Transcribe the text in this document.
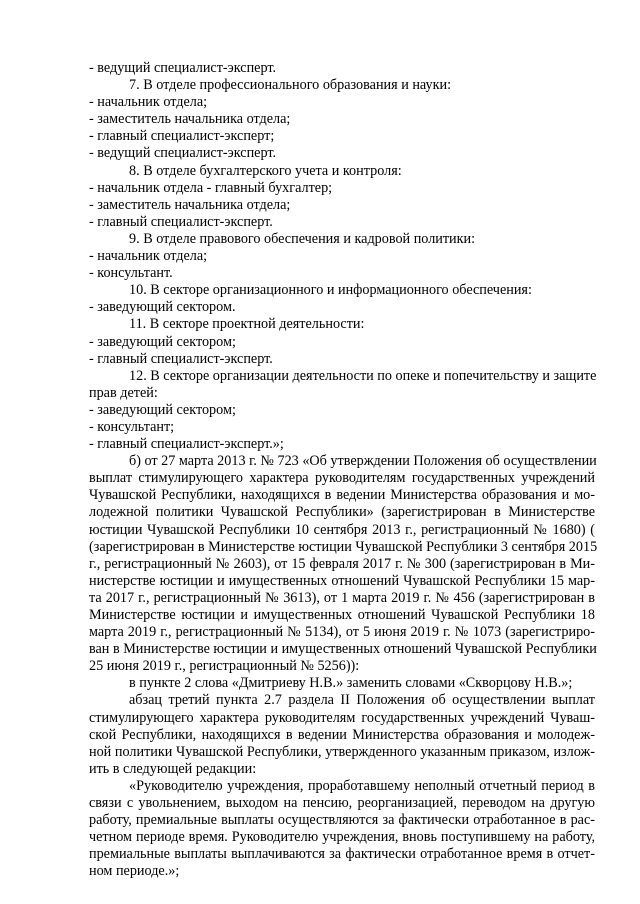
- ведущий специалист-эксперт.
7. В отделе профессионального образования и науки:
- начальник отдела;
- заместитель начальника отдела;
- главный специалист-эксперт;
- ведущий специалист-эксперт.
8. В отделе бухгалтерского учета и контроля:
- начальник отдела - главный бухгалтер;
- заместитель начальника отдела;
- главный специалист-эксперт.
9. В отделе правового обеспечения и кадровой политики:
- начальник отдела;
- консультант.
10. В секторе организационного и информационного обеспечения:
- заведующий сектором.
11. В секторе проектной деятельности:
- заведующий сектором;
- главный специалист-эксперт.
12. В секторе организации деятельности по опеке и попечительству и защите
прав детей:
- заведующий сектором;
- консультант;
- главный специалист-эксперт.»;
б) от 27 марта 2013 г. № 723 «Об утверждении Положения об осуществлении
выплат стимулирующего характера руководителям государственных учреждений
Чувашской Республики, находящихся в ведении Министерства образования и мо-
лодежной политики Чувашской Республики» (зарегистрирован в Министерстве
юстиции Чувашской Республики 10 сентября 2013 г., регистрационный № 1680) (
(зарегистрирован в Министерстве юстиции Чувашской Республики 3 сентября 2015
г., регистрационный № 2603), от 15 февраля 2017 г. № 300 (зарегистрирован в Ми-
нистерстве юстиции и имущественных отношений Чувашской Республики 15 мар-
та 2017 г., регистрационный № 3613), от 1 марта 2019 г. № 456 (зарегистрирован в
Министерстве юстиции и имущественных отношений Чувашской Республики 18
марта 2019 г., регистрационный № 5134), от 5 июня 2019 г. № 1073 (зарегистриро-
ван в Министерстве юстиции и имущественных отношений Чувашской Республики
25 июня 2019 г., регистрационный № 5256)):
в пункте 2 слова «Дмитриеву Н.В.» заменить словами «Скворцову Н.В.»;
абзац третий пункта 2.7 раздела II Положения об осуществлении выплат
стимулирующего характера руководителям государственных учреждений Чуваш-
ской Республики, находящихся в ведении Министерства образования и молодеж-
ной политики Чувашской Республики, утвержденного указанным приказом, излож-
ить в следующей редакции:
«Руководителю учреждения, проработавшему неполный отчетный период в
связи с увольнением, выходом на пенсию, реорганизацией, переводом на другую
работу, премиальные выплаты осуществляются за фактически отработанное в рас-
четном периоде время. Руководителю учреждения, вновь поступившему на работу,
премиальные выплаты выплачиваются за фактически отработанное время в отчет-
ном периоде.»;
